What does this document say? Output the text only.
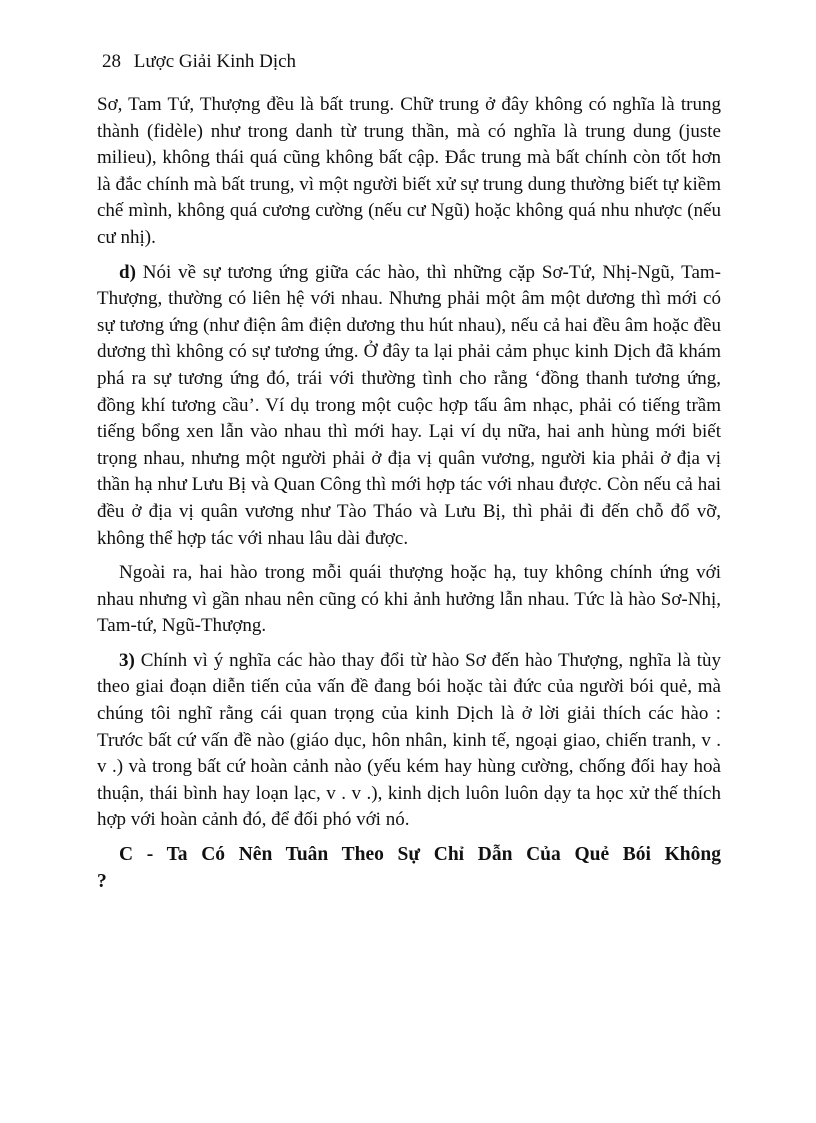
28 Lược Giải Kinh Dịch

Sơ, Tam Tứ, Thượng đều là bất trung. Chữ trung ở đây không có nghĩa là trung thành (fidèle) như trong danh từ trung thần, mà có nghĩa là trung dung (juste milieu), không thái quá cũng không bất cập. Đắc trung mà bất chính còn tốt hơn là đắc chính mà bất trung, vì một người biết xử sự trung dung thường biết tự kiềm chế mình, không quá cương cường (nếu cư Ngũ) hoặc không quá nhu nhược (nếu cư nhị).

d) Nói về sự tương ứng giữa các hào, thì những cặp Sơ-Tứ, Nhị-Ngũ, Tam-Thượng, thường có liên hệ với nhau. Nhưng phải một âm một dương thì mới có sự tương ứng (như điện âm điện dương thu hút nhau), nếu cả hai đều âm hoặc đều dương thì không có sự tương ứng. Ở đây ta lại phải cảm phục kinh Dịch đã khám phá ra sự tương ứng đó, trái với thường tình cho rằng ‘đồng thanh tương ứng, đồng khí tương cầu’. Ví dụ trong một cuộc hợp tấu âm nhạc, phải có tiếng trầm tiếng bổng xen lẫn vào nhau thì mới hay. Lại ví dụ nữa, hai anh hùng mới biết trọng nhau, nhưng một người phải ở địa vị quân vương, người kia phải ở địa vị thần hạ như Lưu Bị và Quan Công thì mới hợp tác với nhau được. Còn nếu cả hai đều ở địa vị quân vương như Tào Tháo và Lưu Bị, thì phải đi đến chỗ đổ vỡ, không thể hợp tác với nhau lâu dài được.

Ngoài ra, hai hào trong mỗi quái thượng hoặc hạ, tuy không chính ứng với nhau nhưng vì gần nhau nên cũng có khi ảnh hưởng lẫn nhau. Tức là hào Sơ-Nhị, Tam-tứ, Ngũ-Thượng.

3) Chính vì ý nghĩa các hào thay đổi từ hào Sơ đến hào Thượng, nghĩa là tùy theo giai đoạn diễn tiến của vấn đề đang bói hoặc tài đức của người bói quẻ, mà chúng tôi nghĩ rằng cái quan trọng của kinh Dịch là ở lời giải thích các hào : Trước bất cứ vấn đề nào (giáo dục, hôn nhân, kinh tế, ngoại giao, chiến tranh, v . v .) và trong bất cứ hoàn cảnh nào (yếu kém hay hùng cường, chống đối hay hoà thuận, thái bình hay loạn lạc, v . v .), kinh dịch luôn luôn dạy ta học xử thế thích hợp với hoàn cảnh đó, để đối phó với nó.

C - Ta Có Nên Tuân Theo Sự Chỉ Dẫn Của Quẻ Bói Không

?
